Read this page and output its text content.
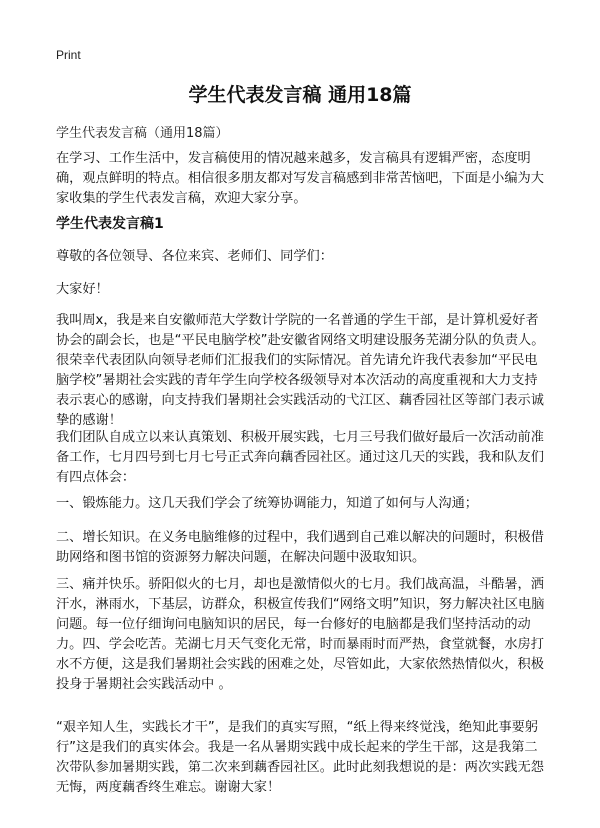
Print
学生代表发言稿 通用18篇
学生代表发言稿（通用18篇）

在学习、工作生活中，发言稿使用的情况越来越多，发言稿具有逻辑严密，态度明确，观点鲜明的特点。相信很多朋友都对写发言稿感到非常苦恼吧，下面是小编为大家收集的学生代表发言稿，欢迎大家分享。

学生代表发言稿1

尊敬的各位领导、各位来宾、老师们、同学们：

大家好！

我叫周x，我是来自安徽师范大学数计学院的一名普通的学生干部，是计算机爱好者协会的副会长，也是“平民电脑学校”赴安徽省网络文明建设服务芜湖分队的负责人。很荣幸代表团队向领导老师们汇报我们的实际情况。首先请允许我代表参加“平民电脑学校”暑期社会实践的青年学生向学校各级领导对本次活动的高度重视和大力支持表示衷心的感谢，向支持我们暑期社会实践活动的弋江区、藕香园社区等部门表示诚挚的感谢！

我们团队自成立以来认真策划、积极开展实践，七月三号我们做好最后一次活动前准备工作，七月四号到七月七号正式奔向藕香园社区。通过这几天的实践，我和队友们有四点体会：

一、锻炼能力。这几天我们学会了统筹协调能力，知道了如何与人沟通；

二、增长知识。在义务电脑维修的过程中，我们遇到自己难以解决的问题时，积极借助网络和图书馆的资源努力解决问题，在解决问题中汲取知识。

三、痛并快乐。骄阳似火的七月，却也是激情似火的七月。我们战高温，斗酷暑，洒汗水，淋雨水，下基层，访群众，积极宣传我们“网络文明”知识，努力解决社区电脑问题。每一位仔细询问电脑知识的居民，每一台修好的电脑都是我们坚持活动的动力。四、学会吃苦。芜湖七月天气变化无常，时而暴雨时而严热，食堂就餐，水房打水不方便，这是我们暑期社会实践的困难之处，尽管如此，大家依然热情似火，积极投身于暑期社会实践活动中 。

“艰辛知人生，实践长才干”，是我们的真实写照，“纸上得来终觉浅，绝知此事要躬行”这是我们的真实体会。我是一名从暑期实践中成长起来的学生干部，这是我第二次带队参加暑期实践，第二次来到藕香园社区。此时此刻我想说的是：两次实践无怨无悔，两度藕香终生难忘。谢谢大家！
